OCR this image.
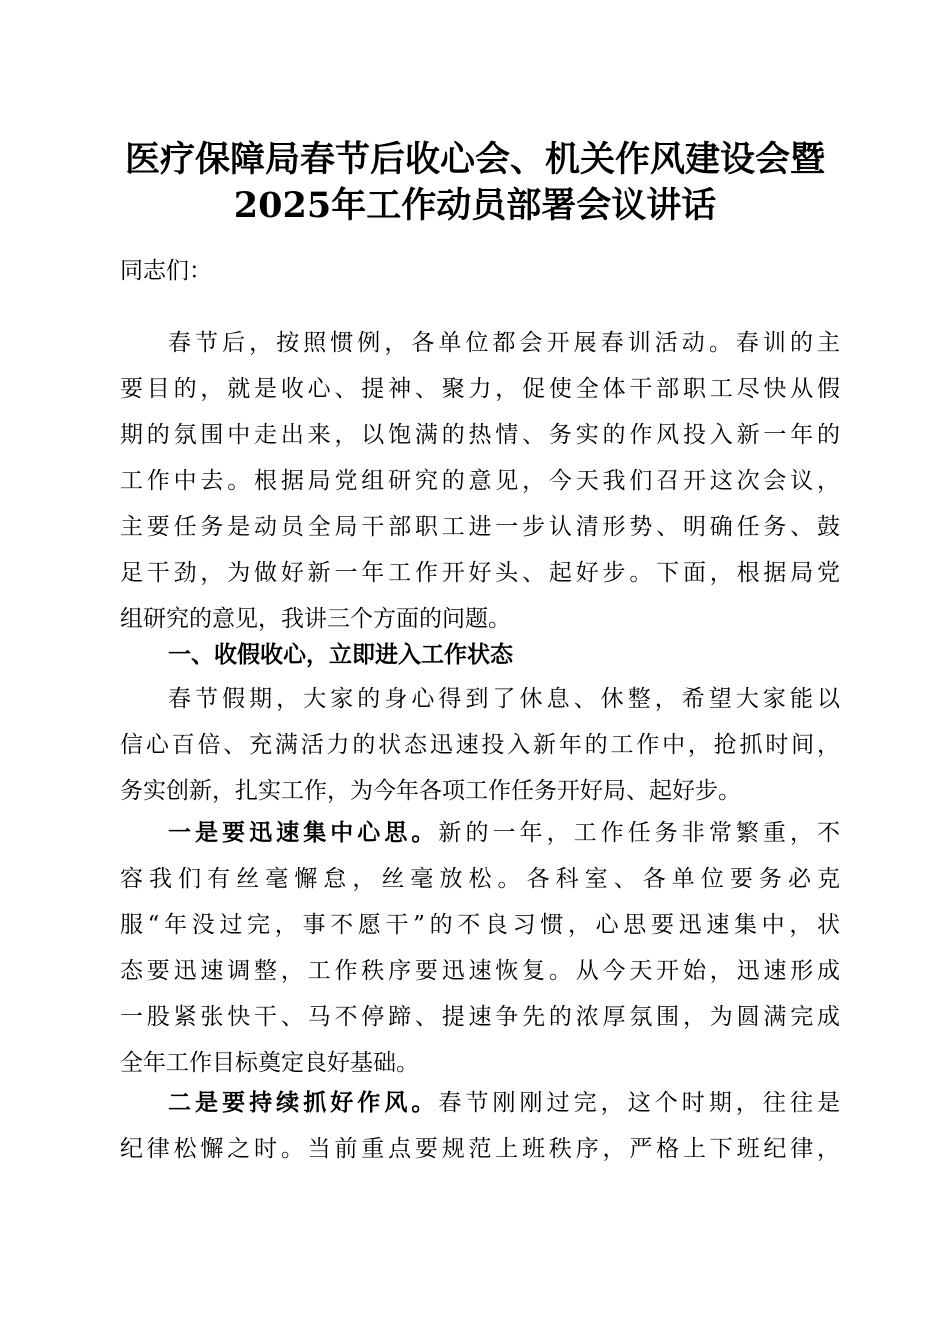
医疗保障局春节后收心会、机关作风建设会暨
2025年工作动员部署会议讲话

同志们：

春节后，按照惯例，各单位都会开展春训活动。春训的主

要目的，就是收心、提神、聚力，促使全体干部职工尽快从假

期的氛围中走出来，以饱满的热情、务实的作风投入新一年的

工作中去。根据局党组研究的意见，今天我们召开这次会议，

主要任务是动员全局干部职工进一步认清形势、明确任务、鼓

足干劲，为做好新一年工作开好头、起好步。下面，根据局党

组研究的意见，我讲三个方面的问题。

一、收假收心，立即进入工作状态

春节假期，大家的身心得到了休息、休整，希望大家能以

信心百倍、充满活力的状态迅速投入新年的工作中，抢抓时间，

务实创新，扎实工作，为今年各项工作任务开好局、起好步。

一是要迅速集中心思。新的一年，工作任务非常繁重，不

容我们有丝毫懈怠，丝毫放松。各科室、各单位要务必克

服“年没过完，事不愿干”的不良习惯，心思要迅速集中，状

态要迅速调整，工作秩序要迅速恢复。从今天开始，迅速形成

一股紧张快干、马不停蹄、提速争先的浓厚氛围，为圆满完成

全年工作目标奠定良好基础。

二是要持续抓好作风。春节刚刚过完，这个时期，往往是

纪律松懈之时。当前重点要规范上班秩序，严格上下班纪律，
